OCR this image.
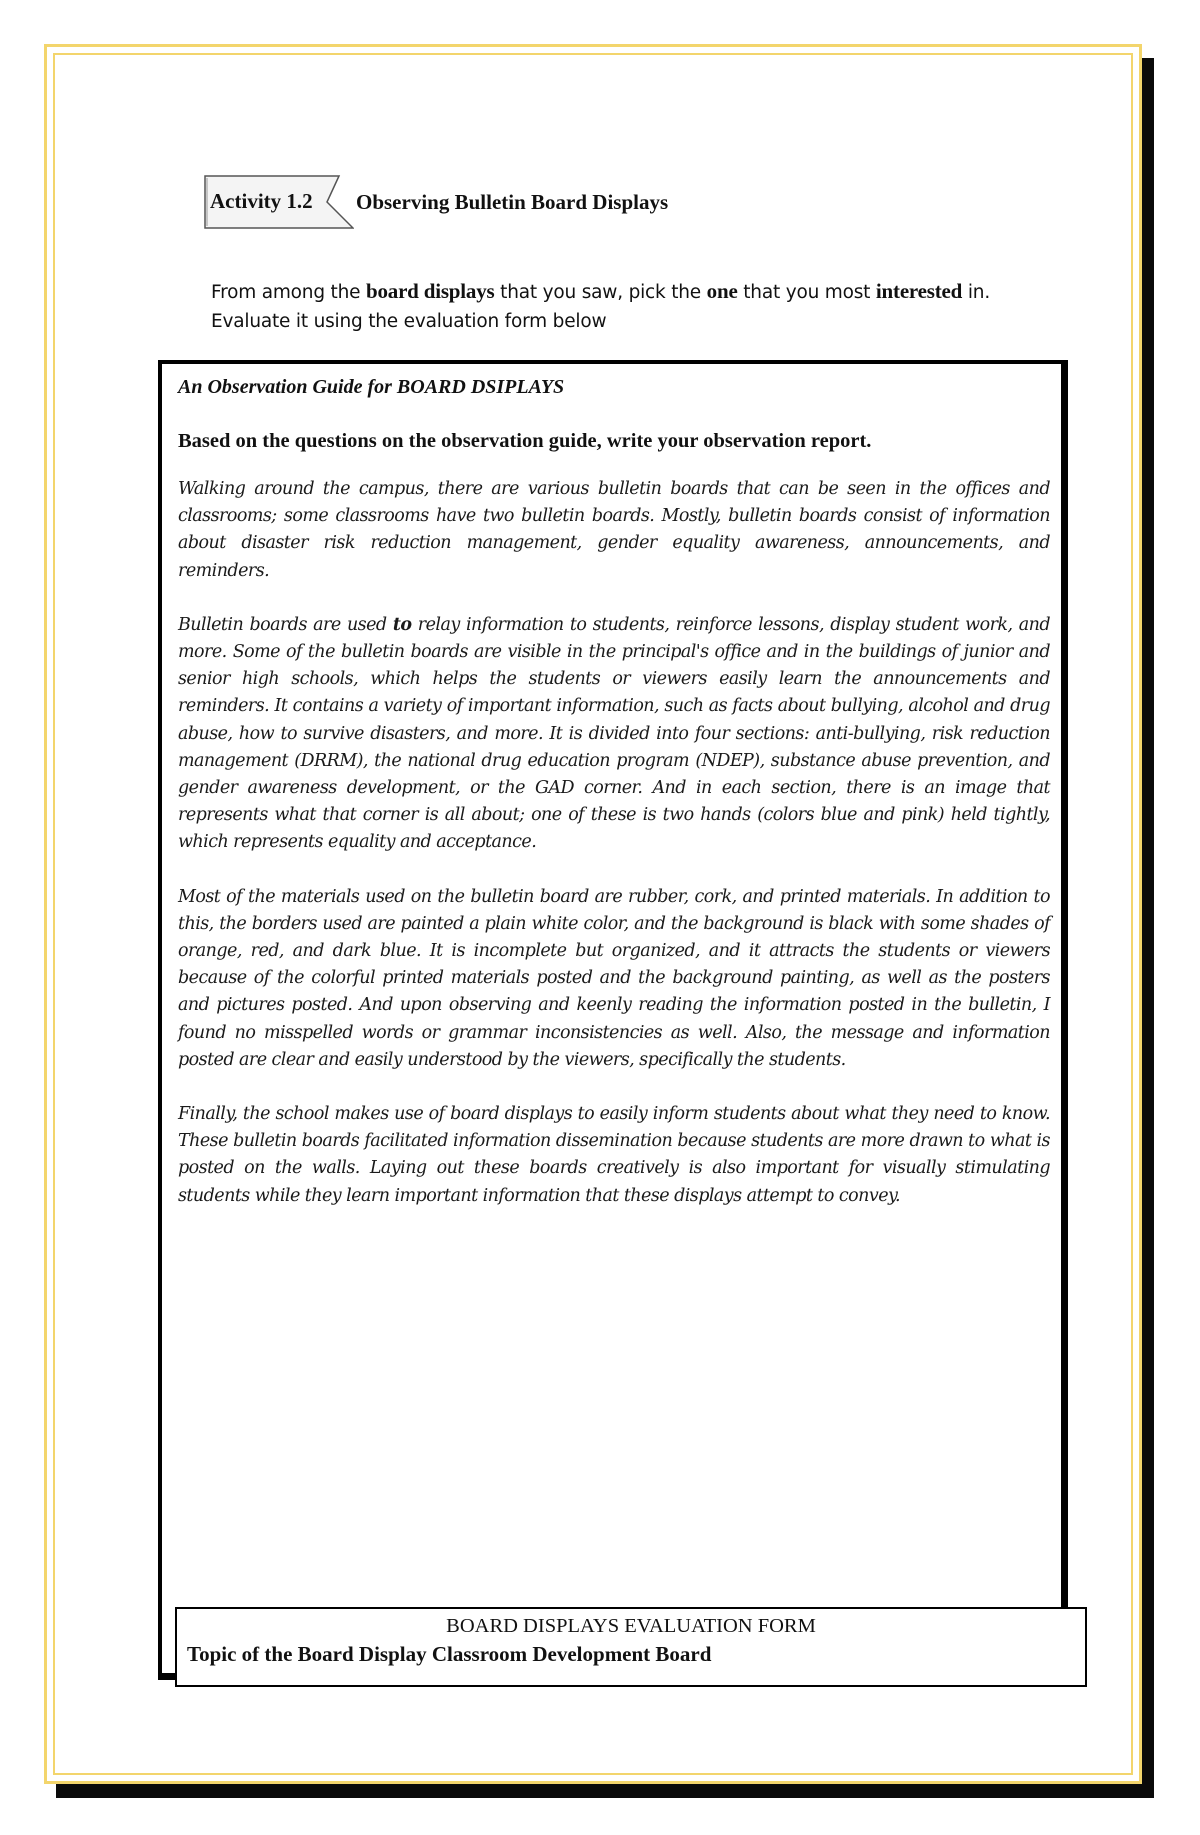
Activity 1.2 Observing Bulletin Board Displays
From among the board displays that you saw, pick the one that you most interested in. Evaluate it using the evaluation form below
An Observation Guide for BOARD DSIPLAYS
Based on the questions on the observation guide, write your observation report.

Walking around the campus, there are various bulletin boards that can be seen in the offices and classrooms; some classrooms have two bulletin boards. Mostly, bulletin boards consist of information about disaster risk reduction management, gender equality awareness, announcements, and reminders.

Bulletin boards are used to relay information to students, reinforce lessons, display student work, and more. Some of the bulletin boards are visible in the principal's office and in the buildings of junior and senior high schools, which helps the students or viewers easily learn the announcements and reminders. It contains a variety of important information, such as facts about bullying, alcohol and drug abuse, how to survive disasters, and more. It is divided into four sections: anti-bullying, risk reduction management (DRRM), the national drug education program (NDEP), substance abuse prevention, and gender awareness development, or the GAD corner. And in each section, there is an image that represents what that corner is all about; one of these is two hands (colors blue and pink) held tightly, which represents equality and acceptance.

Most of the materials used on the bulletin board are rubber, cork, and printed materials. In addition to this, the borders used are painted a plain white color, and the background is black with some shades of orange, red, and dark blue. It is incomplete but organized, and it attracts the students or viewers because of the colorful printed materials posted and the background painting, as well as the posters and pictures posted. And upon observing and keenly reading the information posted in the bulletin, I found no misspelled words or grammar inconsistencies as well. Also, the message and information posted are clear and easily understood by the viewers, specifically the students.

Finally, the school makes use of board displays to easily inform students about what they need to know. These bulletin boards facilitated information dissemination because students are more drawn to what is posted on the walls. Laying out these boards creatively is also important for visually stimulating students while they learn important information that these displays attempt to convey.

BOARD DISPLAYS EVALUATION FORM
Topic of the Board Display Classroom Development Board
